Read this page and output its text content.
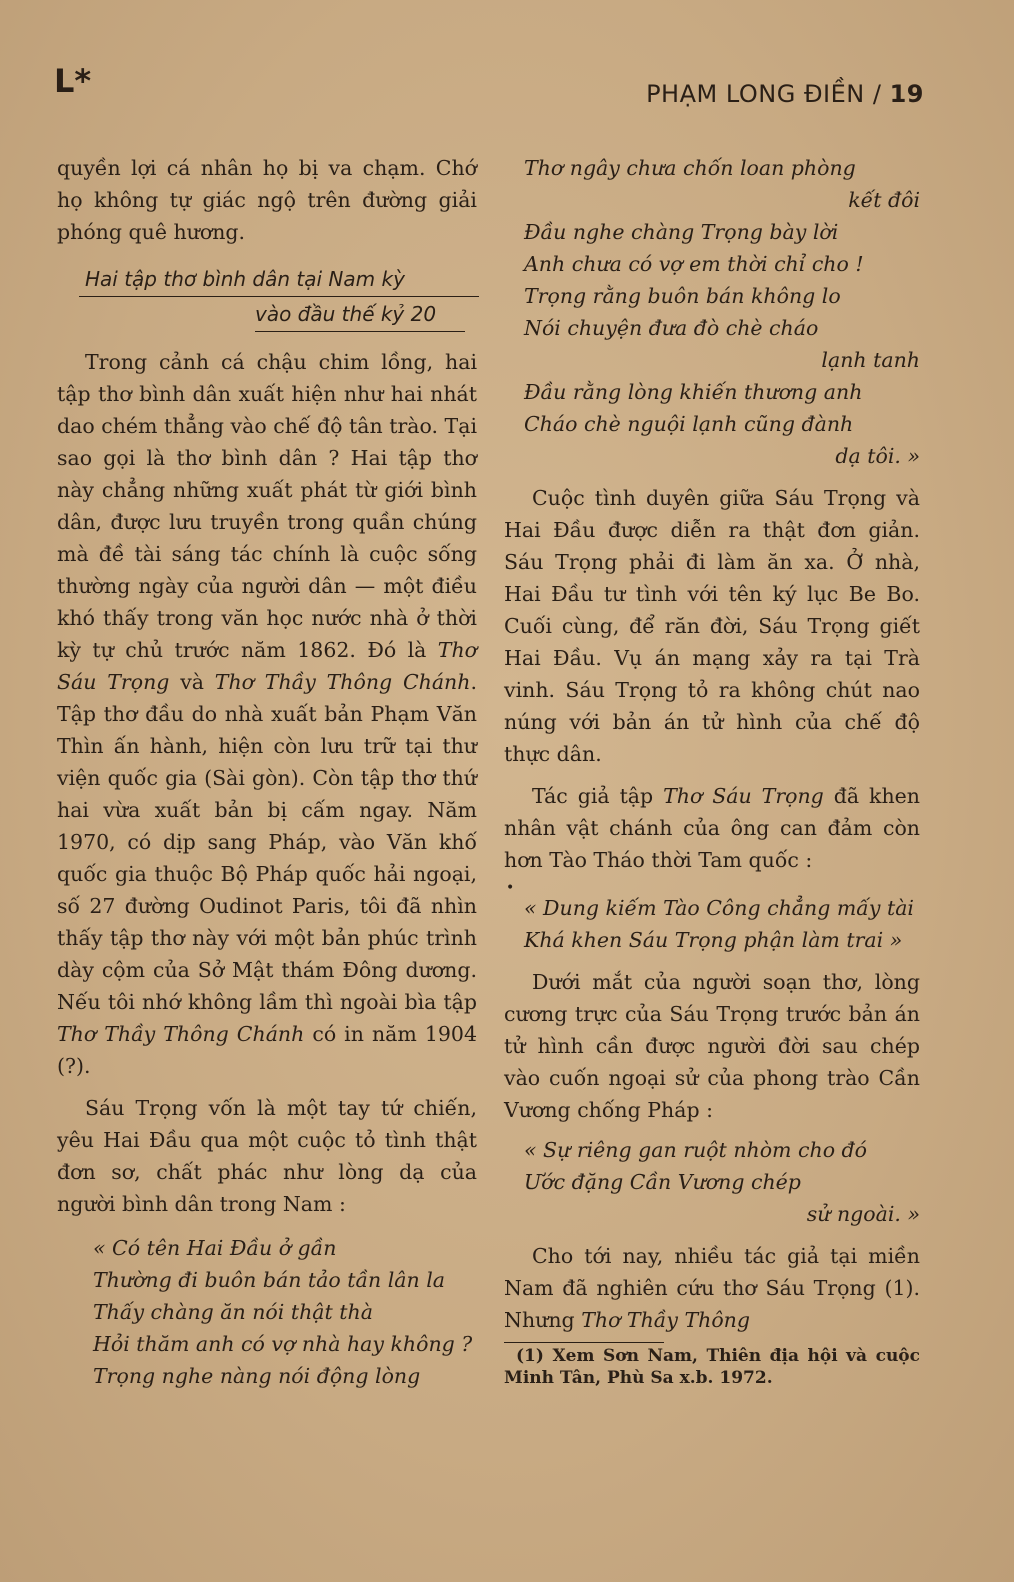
L*	PHẠM LONG ĐIỀN / 19

quyền lợi cá nhân họ bị va chạm. Chớ họ không tự giác ngộ trên đường giải phóng quê hương.

Hai tập thơ bình dân tại Nam kỳ
vào đầu thế kỷ 20

Trong cảnh cá chậu chim lồng, hai tập thơ bình dân xuất hiện như hai nhát dao chém thẳng vào chế độ tân trào. Tại sao gọi là thơ bình dân ? Hai tập thơ này chẳng những xuất phát từ giới bình dân, được lưu truyền trong quần chúng mà đề tài sáng tác chính là cuộc sống thường ngày của người dân — một điều khó thấy trong văn học nước nhà ở thời kỳ tự chủ trước năm 1862. Đó là Thơ Sáu Trọng và Thơ Thầy Thông Chánh. Tập thơ đầu do nhà xuất bản Phạm Văn Thìn ấn hành, hiện còn lưu trữ tại thư viện quốc gia (Sài gòn). Còn tập thơ thứ hai vừa xuất bản bị cấm ngay. Năm 1970, có dịp sang Pháp, vào Văn khố quốc gia thuộc Bộ Pháp quốc hải ngoại, số 27 đường Oudinot Paris, tôi đã nhìn thấy tập thơ này với một bản phúc trình dày cộm của Sở Mật thám Đông dương. Nếu tôi nhớ không lầm thì ngoài bìa tập Thơ Thầy Thông Chánh có in năm 1904 (?).

Sáu Trọng vốn là một tay tứ chiến, yêu Hai Đầu qua một cuộc tỏ tình thật đơn sơ, chất phác như lòng dạ của người bình dân trong Nam :

« Có tên Hai Đầu ở gần
Thường đi buôn bán tảo tần lân la
Thấy chàng ăn nói thật thà
Hỏi thăm anh có vợ nhà hay không ?
Trọng nghe nàng nói động lòng
Thơ ngây chưa chốn loan phòng
kết đôi
Đầu nghe chàng Trọng bày lời
Anh chưa có vợ em thời chỉ cho !
Trọng rằng buôn bán không lo
Nói chuyện đưa đò chè cháo
lạnh tanh
Đầu rằng lòng khiến thương anh
Cháo chè nguội lạnh cũng đành
dạ tôi. »

Cuộc tình duyên giữa Sáu Trọng và Hai Đầu được diễn ra thật đơn giản. Sáu Trọng phải đi làm ăn xa. Ở nhà, Hai Đầu tư tình với tên ký lục Be Bo. Cuối cùng, để răn đời, Sáu Trọng giết Hai Đầu. Vụ án mạng xảy ra tại Trà vinh. Sáu Trọng tỏ ra không chút nao núng với bản án tử hình của chế độ thực dân.

Tác giả tập Thơ Sáu Trọng đã khen nhân vật chánh của ông can đảm còn hơn Tào Tháo thời Tam quốc :

•
« Dung kiếm Tào Công chẳng mấy tài
Khá khen Sáu Trọng phận làm trai »

Dưới mắt của người soạn thơ, lòng cương trực của Sáu Trọng trước bản án tử hình cần được người đời sau chép vào cuốn ngoại sử của phong trào Cần Vương chống Pháp :

« Sự riêng gan ruột nhòm cho đó
Ước đặng Cần Vương chép
sử ngoài. »

Cho tới nay, nhiều tác giả tại miền Nam đã nghiên cứu thơ Sáu Trọng (1). Nhưng Thơ Thầy Thông

(1) Xem Sơn Nam, Thiên địa hội và cuộc Minh Tân, Phù Sa x.b. 1972.
